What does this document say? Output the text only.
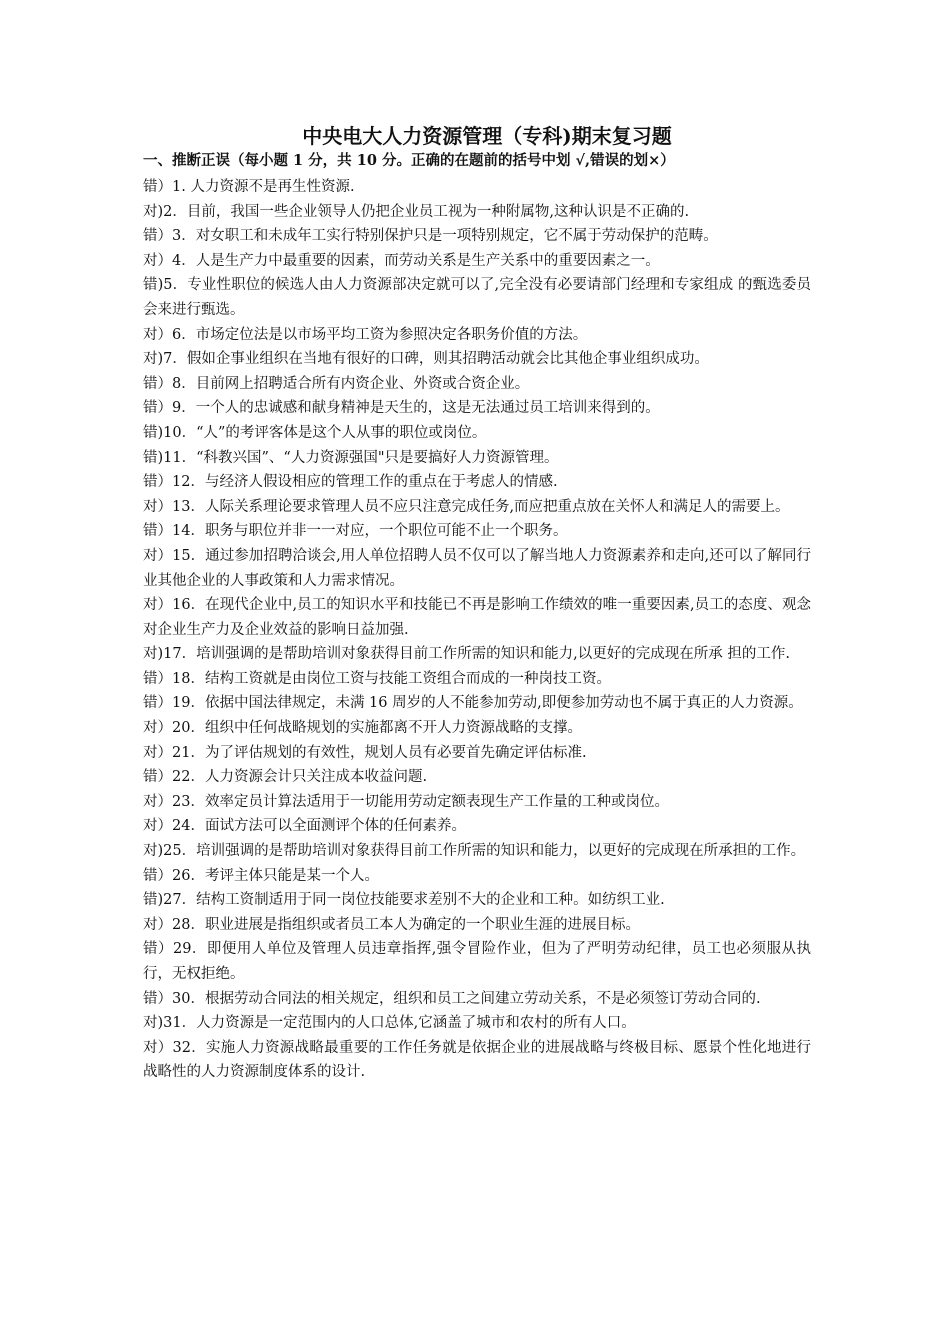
中央电大人力资源管理（专科)期末复习题

一、推断正误（每小题 1 分，共 10 分。正确的在题前的括号中划 √,错误的划×）

错）1. 人力资源不是再生性资源.

对)2．目前，我国一些企业领导人仍把企业员工视为一种附属物,这种认识是不正确的.

错）3．对女职工和未成年工实行特别保护只是一项特别规定，它不属于劳动保护的范畴。

对）4．人是生产力中最重要的因素，而劳动关系是生产关系中的重要因素之一。

错)5．专业性职位的候选人由人力资源部决定就可以了,完全没有必要请部门经理和专家组成 的甄选委员会来进行甄选。

对）6．市场定位法是以市场平均工资为参照决定各职务价值的方法。

对)7．假如企事业组织在当地有很好的口碑，则其招聘活动就会比其他企事业组织成功。

错）8．目前网上招聘适合所有内资企业、外资或合资企业。

错）9．一个人的忠诚感和献身精神是天生的，这是无法通过员工培训来得到的。

错)10．“人”的考评客体是这个人从事的职位或岗位。

错)11．“科教兴国”、“人力资源强国"只是要搞好人力资源管理。

错）12．与经济人假设相应的管理工作的重点在于考虑人的情感.

对）13．人际关系理论要求管理人员不应只注意完成任务,而应把重点放在关怀人和满足人的需要上。

错）14．职务与职位并非一一对应，一个职位可能不止一个职务。

对）15．通过参加招聘洽谈会,用人单位招聘人员不仅可以了解当地人力资源素养和走向,还可以了解同行业其他企业的人事政策和人力需求情况。

对）16．在现代企业中,员工的知识水平和技能已不再是影响工作绩效的唯一重要因素,员工的态度、观念对企业生产力及企业效益的影响日益加强.

对)17．培训强调的是帮助培训对象获得目前工作所需的知识和能力,以更好的完成现在所承 担的工作.

错）18．结构工资就是由岗位工资与技能工资组合而成的一种岗技工资。

错）19．依据中国法律规定，未满 16 周岁的人不能参加劳动,即便参加劳动也不属于真正的人力资源。

对）20．组织中任何战略规划的实施都离不开人力资源战略的支撑。

对）21．为了评估规划的有效性，规划人员有必要首先确定评估标准.

错）22．人力资源会计只关注成本收益问题.

对）23．效率定员计算法适用于一切能用劳动定额表现生产工作量的工种或岗位。

对）24．面试方法可以全面测评个体的任何素养。

对)25．培训强调的是帮助培训对象获得目前工作所需的知识和能力，以更好的完成现在所承担的工作。

错）26．考评主体只能是某一个人。

错)27．结构工资制适用于同一岗位技能要求差别不大的企业和工种。如纺织工业.

对）28．职业进展是指组织或者员工本人为确定的一个职业生涯的进展目标。

错）29．即便用人单位及管理人员违章指挥,强令冒险作业，但为了严明劳动纪律，员工也必须服从执行，无权拒绝。

错）30．根据劳动合同法的相关规定，组织和员工之间建立劳动关系，不是必须签订劳动合同的.

对)31．人力资源是一定范围内的人口总体,它涵盖了城市和农村的所有人口。

对）32．实施人力资源战略最重要的工作任务就是依据企业的进展战略与终极目标、愿景个性化地进行战略性的人力资源制度体系的设计.
